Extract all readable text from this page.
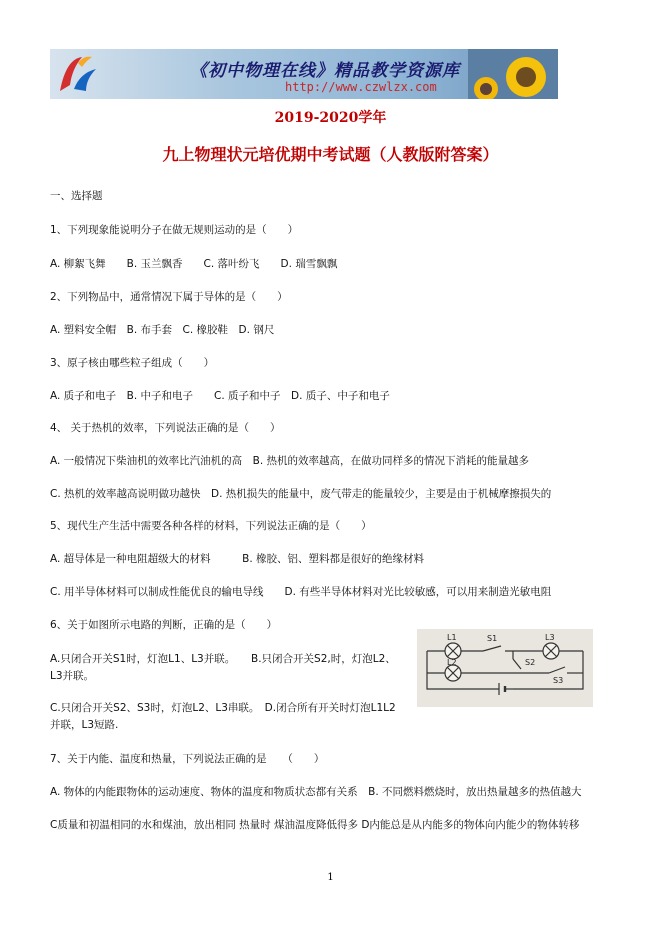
《初中物理在线》精品教学资源库
http://www.czwlzx.com
2019-2020学年
九上物理状元培优期中考试题（人教版附答案）
一、选择题
1、下列现象能说明分子在做无规则运动的是（　　）
A. 柳絮飞舞　　B. 玉兰飘香　　C. 落叶纷飞　　D. 瑞雪飘飘
2、下列物品中，通常情况下属于导体的是（　　）
A. 塑料安全帽　B. 布手套　C. 橡胶鞋　D. 钢尺
3、原子核由哪些粒子组成（　　）
A. 质子和电子　B. 中子和电子　　C. 质子和中子　D. 质子、中子和电子
4、 关于热机的效率，下列说法正确的是（　　）
A. 一般情况下柴油机的效率比汽油机的高　B. 热机的效率越高，在做功同样多的情况下消耗的能量越多
C. 热机的效率越高说明做功越快　D. 热机损失的能量中，废气带走的能量较少，主要是由于机械摩擦损失的
5、现代生产生活中需要各种各样的材料，下列说法正确的是（　　）
A. 超导体是一种电阻超级大的材料　　　B. 橡胶、铝、塑料都是很好的绝缘材料
C. 用半导体材料可以制成性能优良的输电导线　　D. 有些半导体材料对光比较敏感，可以用来制造光敏电阻
6、关于如图所示电路的判断，正确的是（　　）
A.只闭合开关S1时，灯泡L1、L3并联。　　B.只闭合开关S2,时，灯泡L2、
L3并联。
C.只闭合开关S2、S3时，灯泡L2、L3串联。　D.闭合所有开关时灯泡L1L2
并联，L3短路.
L1	S1	L3
L2	S2
S3
7、关于内能、温度和热量，下列说法正确的是　　（　　）
A. 物体的内能跟物体的运动速度、物体的温度和物质状态都有关系　B. 不同燃料燃烧时，放出热量越多的热值越大
C质量和初温相同的水和煤油，放出相同 热量时 煤油温度降低得多 D内能总是从内能多的物体向内能少的物体转移
1
